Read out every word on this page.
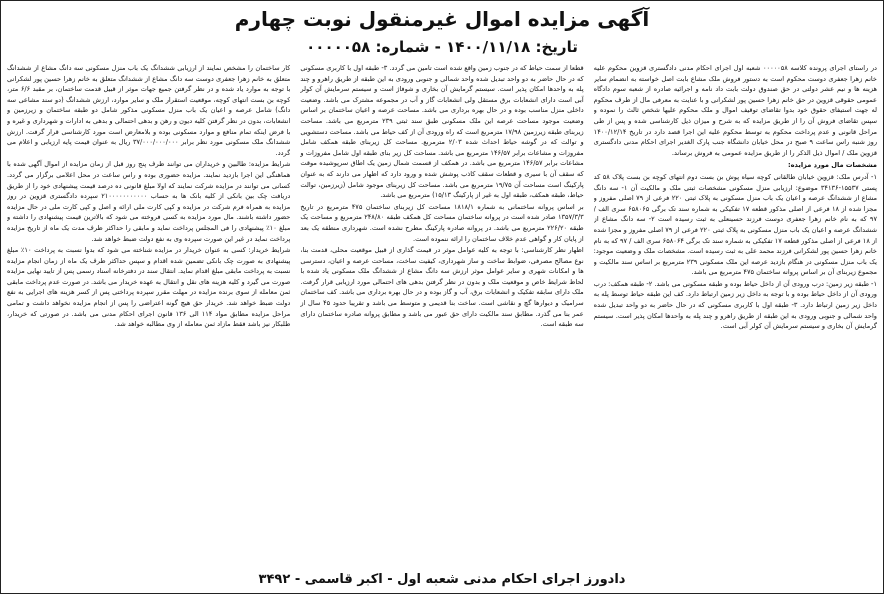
آگهی مزایده اموال غیرمنقول نوبت چهارم
تاریخ: ۱۴۰۰/۱۱/۱۸ - شماره: ۰۰۰۰۰۵۸

در راستای اجرای پرونده کلاسه ۰۰۰۰۰۵۸ شعبه اول اجرای احکام مدنی دادگستری قزوین محکوم علیه خانم زهرا جعفری دوست محکوم است به دستور فروش ملک مشاع بابت اصل خواسته به انضمام سایر هزینه ها و نیم عشر دولتی در حق صندوق دولت بابت داد نامه و اجرائیه صادره از شعبه سوم دادگاه عمومی حقوقی قزوین در حق خانم زهرا حسین پور لشکرانی و با عنایت به معرفی مال از طرف محکوم له جهت استیفای حقوق خود بدوا تقاضای توقیف اموال و ملک محکوم علیها شخص ثالث را نموده و سپس تقاضای فروش آن را از طریق مزایده که به شرح و میزان ذیل کارشناسی شده و پس از طی مراحل قانونی و عدم پرداخت محکوم به توسط محکوم علیه این اجرا قصد دارد در تاریخ ۱۴۰۰/۱۲/۱۴ روز شنبه راس ساعت ۹ صبح در محل خیابان دانشگاه جنب پارک الغدیر اجرای احکام مدنی دادگستری قزوین ملک / اموال ذیل الذکر را از طریق مزایده عمومی به فروش برساند.

مشخصات مال مورد مزایده:

۱- آدرس ملک: قزوین خیابان طالقانی کوچه سیاه پوش بن بست دوم انتهای کوچه بن بست پلاک ۵۸ کد پستی ۱۵۵۳۷-۳۴۱۳۶ موضوع: ارزیابی منزل مسکونی مشخصات ثبتی ملک و مالکیت آن ۱- سه دانگ مشاع از ششدانگ عرصه و اعیان یک باب منزل مسکونی به پلاک ثبتی ۲۲۰ فرعی از ۷۹ اصلی مفروز و مجزا شده از ۱۸ فرعی از اصلی مذکور قطعه ۱۷ تفکیکی به شماره سند تک برگی ۶۵۸۰۶۵ سری الف / ۹۷ که به نام خانم زهرا جعفری دوست فرزند حسینعلی به ثبت رسیده است ۲- سه دانگ مشاع از ششدانگ عرصه و اعیان یک باب منزل مسکونی به پلاک ثبتی ۲۲۰ فرعی از ۷۹ اصلی مفروز و مجزا شده از ۱۸ فرعی از اصلی مذکور قطعه ۱۷ تفکیکی به شماره سند تک برگی ۶۵۸۰۶۴ سری الف / ۹۷ که به نام خانم زهرا حسین پور لشکرانی فرزند محمد علی به ثبت رسیده است. مشخصات ملک و وضعیت موجود: یک باب منزل مسکونی در هنگام بازدید عرصه این ملک مسکونی ۲۳۹ مترمربع بر اساس سند مالکیت و مجموع زیربنای آن بر اساس پروانه ساختمان ۴۷۵ مترمربع می باشد.

۱- طبقه زیر زمین: درب ورودی آن از داخل حیاط بوده و طبقه مسکونی می باشد. ۲- طبقه همکف: درب ورودی آن از داخل حیاط بوده و با توجه به داخل زیر زمین ارتباط دارد. کف این طبقه حیاط توسط پله به داخل زیر زمین ارتباط دارد. ۳- طبقه اول با کاربری مسکونی که در حال حاضر به دو واحد تبدیل شده واحد شمالی و جنوبی ورودی به این طبقه از طریق راهرو و چند پله به واحدها امکان پذیر است. سیستم گرمایش آن بخاری و سیستم سرمایش آن کولر آبی است.

قطعا از سمت حیاط که در جنوب زمین واقع شده است تامین می گردد. ۳- طبقه اول با کاربری مسکونی که در حال حاضر به دو واحد تبدیل شده واحد شمالی و جنوبی ورودی به این طبقه از طریق راهرو و چند پله به واحدها امکان پذیر است. سیستم گرمایش آن بخاری و شوفاژ است و سیستم سرمایش آن کولر آبی است دارای انشعابات برق مستقل ولی انشعابات گاز و آب در مجموعه مشترک می باشد. وضعیت داخلی منزل مناسب بوده و در حال بهره برداری می باشد. مساحت عرصه و اعیان ساختمان بر اساس وضعیت موجود مساحت عرصه این ملک مسکونی طبق سند ثبتی ۲۳۹ مترمربع می باشد. مساحت زیربنای طبقه زیرزمین ۱۷/۹۸ مترمربع است که راه ورودی آن از کف حیاط می باشد. مساحت دستشویی و توالت که در گوشه حیاط احداث شده ۲/۰۳ مترمربع. مساحت کل زیربنای طبقه همکف شامل مفروزات و مشاعات برابر ۱۴۶/۵۷ مترمربع می باشد. مساحت کل زیر بنای طبقه اول شامل مفروزات و مشاعات برابر ۱۴۶/۵۷ مترمربع می باشد. در همکف از قسمت شمال زمین یک اطاق سرپوشیده موقت که سقف آن با سیری و قطعات سقف کاذب پوشش شده و ورود دارد که اظهار می دارند که به عنوان پارکینگ است مساحت آن ۱۹/۷۵ مترمربع می باشد. مساحت کل زیربنای موجود شامل (زیرزمین، توالت حیاط، طبقه همکف، طبقه اول به غیر از پارکینگ ۱۵/۱۳) مترمربع می باشد.

بر اساس پروانه ساختمانی به شماره ۱۸۱۸/۱ مساحت کل زیربنای ساختمان ۴۷۵ مترمربع در تاریخ ۱۳۵۷/۳/۳ صادر شده است در پروانه ساختمان مساحت کل همکف طبقه ۲۴۸/۸۰ مترمربع و مساحت یک طبقه ۲۲۶/۲۰ مترمربع می باشد. در پروانه صادره پارکینگ مطرح نشده است. شهرداری منطقه یک بعد از پایان کار و گواهی عدم خلاف ساختمان را ارائه ننموده است.

اظهار نظر کارشناسی: با توجه به کلیه عوامل موثر در قیمت گذاری از قبیل موقعیت محلی، قدمت بنا، نوع مصالح مصرفی، ضوابط ساخت و ساز شهرداری، کیفیت ساخت، مساحت عرصه و اعیان، دسترسی ها و امکانات شهری و سایر عوامل موثر ارزش سه دانگ مشاع از ششدانگ ملک مسکونی یاد شده با لحاظ شرایط خاص و موقعیت ملک و بدون در نظر گرفتن بدهی های احتمالی مورد ارزیابی قرار گرفت. ملک دارای سابقه تفکیک و انشعابات برق، آب و گاز بوده و در حال بهره برداری می باشد. کف ساختمان سرامیک و دیوارها گچ و نقاشی است. ساخت بنا قدیمی و متوسط می باشد و تقریبا حدود ۴۵ سال از عمر بنا می گذرد. مطابق سند مالکیت دارای حق عبور می باشد و مطابق پروانه صادره ساختمان دارای سه طبقه است.

کار ساختمان را مشخص نمایند از ارزیابی ششدانگ یک باب منزل مسکونی سه دانگ مشاع از ششدانگ متعلق به خانم زهرا جعفری دوست سه دانگ مشاع از ششدانگ متعلق به خانم زهرا حسین پور لشکرانی با توجه به موارد یاد شده و در نظر گرفتن جمیع جهات موثر از قبیل قدمت ساختمان، بر مقبد ۶/۶ متر، کوچه بن بست انتهای کوچه، موقعیت استقرار ملک و سایر موارد، ارزش ششدانگ (دو سند مشاعی سه دانگ) شامل عرصه و اعیان یک باب منزل مسکونی مذکور شامل دو طبقه ساختمان و زیرزمین و انشعابات، بدون در نظر گرفتن کلیه دیون و رهن و بدهی احتمالی و بدهی به ادارات و شهرداری و غیره و با فرض اینکه تمام منافع و موارد مسکونی بوده و بلامعارض است مورد کارشناسی قرار گرفت. ارزش ششدانگ ملک مسکونی مورد نظر برابر ۳۷/۰۰۰/۰۰۰/۰۰۰ ریال به عنوان قیمت پایه ارزیابی و اعلام می گردد.

شرایط مزایده: طالبین و خریداران می توانند ظرف پنج روز قبل از زمان مزایده از اموال آگهی شده با هماهنگی این اجرا بازدید نمایند. مزایده حضوری بوده و راس ساعت در محل اعلامی برگزار می گردد. کسانی می توانند در مزایده شرکت نمایند که اولا مبلغ قانونی ده درصد قیمت پیشنهادی خود را از طریق دریافت چک بین بانکی از کلیه بانک ها به حساب ۲۱۰۰۰۰۰۰۰۰۰۰۰ سپرده دادگستری قزوین در روز مزایده به همراه فرم شرکت در مزایده و کپی کارت ملی ارائه و اصل و کپی کارت ملی در حال مزایده حضور داشته باشند. مال مورد مزایده به کسی فروخته می شود که بالاترین قیمت پیشنهادی را داشته و مبلغ ۱۰٪ پیشنهادی را فی المجلس پرداخت نماید و مابقی را حداکثر ظرف مدت یک ماه از تاریخ مزایده پرداخت نماید در غیر این صورت سپرده وی به نفع دولت ضبط خواهد شد.

شرایط خریدار: کسی به عنوان خریدار در مزایده شناخته می شود که بدوا نسبت به پرداخت ۱۰٪ مبلغ پیشنهادی به صورت چک بانکی تضمین شده اقدام و سپس حداکثر ظرف یک ماه از زمان انجام مزایده نسبت به پرداخت مابقی مبلغ اقدام نماید. انتقال سند در دفترخانه اسناد رسمی پس از تایید نهایی مزایده صورت می گیرد و کلیه هزینه های نقل و انتقال به عهده خریدار می باشد. در صورت عدم پرداخت مابقی ثمن معامله از سوی برنده مزایده در مهلت مقرر سپرده پرداختی پس از کسر هزینه های اجرایی به نفع دولت ضبط خواهد شد. خریدار حق هیچ گونه اعتراضی را پس از انجام مزایده نخواهد داشت و تمامی مراحل مزایده مطابق مواد ۱۱۴ الی ۱۳۶ قانون اجرای احکام مدنی می باشد. در صورتی که خریدار، طلبکار نیز باشد فقط مازاد ثمن معامله از وی مطالبه خواهد شد.

دادورز اجرای احکام مدنی شعبه اول - اکبر قاسمی - ۳۴۹۲
